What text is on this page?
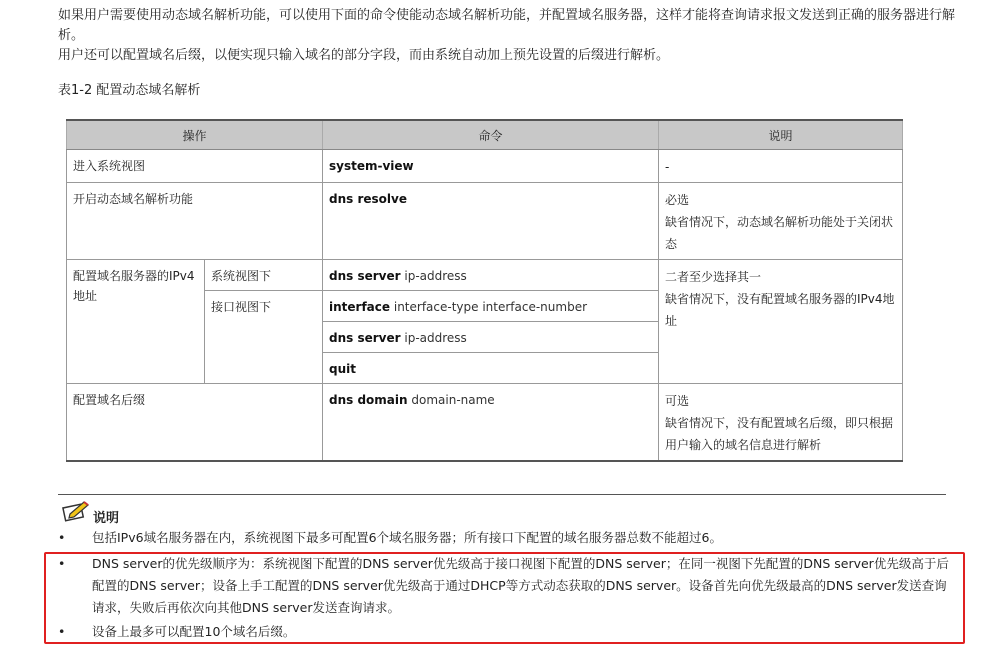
如果用户需要使用动态域名解析功能，可以使用下面的命令使能动态域名解析功能，并配置域名服务器，这样才能将查询请求报文发送到正确的服务器进行解析。

用户还可以配置域名后缀，以便实现只输入域名的部分字段，而由系统自动加上预先设置的后缀进行解析。

表1-2 配置动态域名解析
操作		命令	说明
进入系统视图		system-view	-

开启动态域名解析功能		dns resolve	必选
缺省情况下，动态域名解析功能处于关闭状态

配置域名服务器的IPv4地址	系统视图下	dns server ip-address	二者至少选择其一
缺省情况下，没有配置域名服务器的IPv4地址

	接口视图下	interface interface-type interface-number	
		dns server ip-address	
		quit	
配置域名后缀		dns domain domain-name	可选
缺省情况下，没有配置域名后缀，即只根据用户输入的域名信息进行解析
说明

• 包括IPv6域名服务器在内，系统视图下最多可配置6个域名服务器；所有接口下配置的域名服务器总数不能超过6。

• DNS server的优先级顺序为：系统视图下配置的DNS server优先级高于接口视图下配置的DNS server；在同一视图下先配置的DNS server优先级高于后配置的DNS server；设备上手工配置的DNS server优先级高于通过DHCP等方式动态获取的DNS server。设备首先向优先级最高的DNS server发送查询请求，失败后再依次向其他DNS server发送查询请求。

• 设备上最多可以配置10个域名后缀。
